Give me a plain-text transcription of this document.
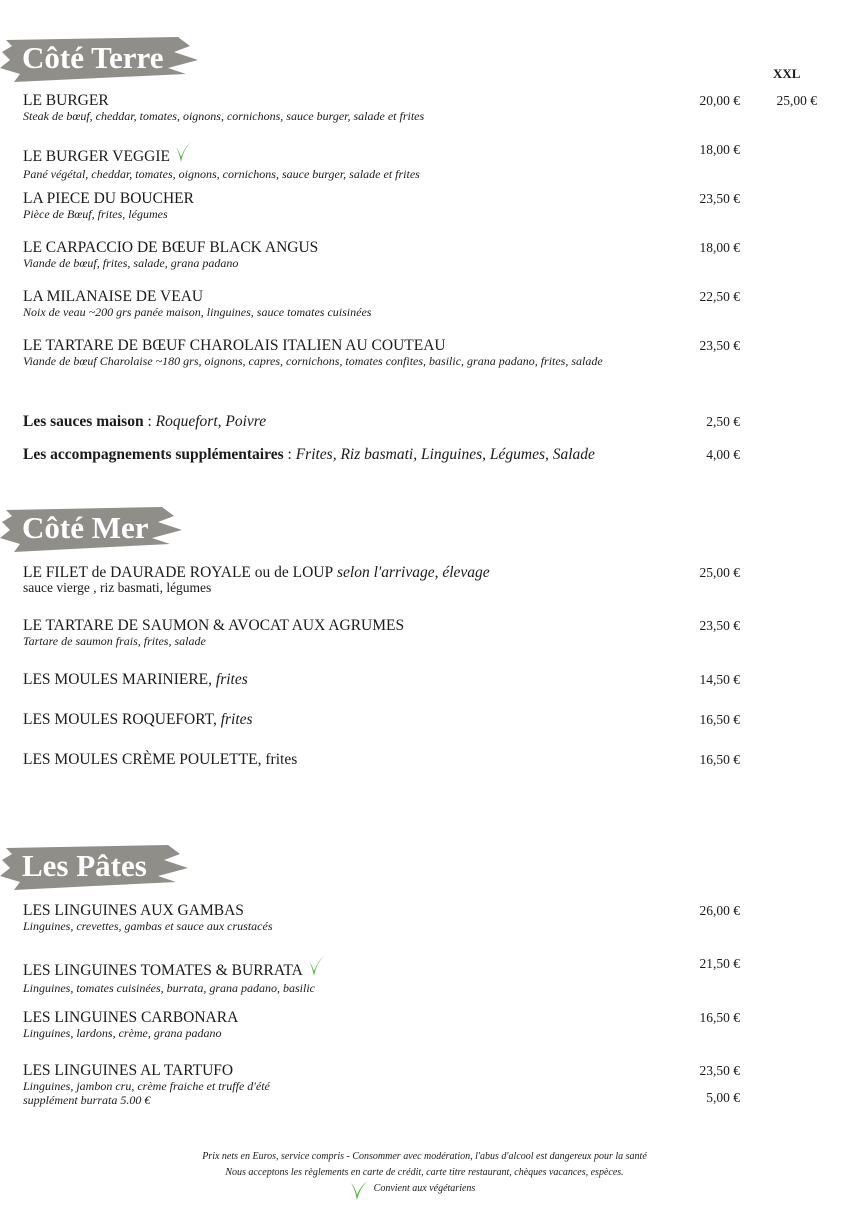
XXL
Côté Terre
LE BURGER
Steak de bœuf, cheddar, tomates, oignons, cornichons, sauce burger, salade et frites
20,00 €	25,00 €
LE BURGER VEGGIE
Pané végétal, cheddar, tomates, oignons, cornichons, sauce burger, salade et frites
18,00 €
LA PIECE DU BOUCHER
Pièce de Bœuf, frites, légumes
23,50 €
LE CARPACCIO DE BŒUF BLACK ANGUS
Viande de bœuf, frites, salade, grana padano
18,00 €
LA MILANAISE DE VEAU
Noix de veau ~200 grs panée maison, linguines, sauce tomates cuisinées
22,50 €
LE TARTARE DE BŒUF CHAROLAIS ITALIEN AU COUTEAU
Viande de bœuf Charolaise ~180 grs, oignons, capres, cornichons, tomates confites, basilic, grana padano, frites, salade
23,50 €
Les sauces maison : Roquefort, Poivre	2,50 €
Les accompagnements supplémentaires : Frites, Riz basmati, Linguines, Légumes, Salade	4,00 €
Côté Mer
LE FILET de DAURADE ROYALE ou de LOUP selon l'arrivage, élevage
sauce vierge , riz basmati, légumes
25,00 €
LE TARTARE DE SAUMON & AVOCAT AUX AGRUMES
Tartare de saumon frais, frites, salade
23,50 €
LES MOULES MARINIERE, frites	14,50 €
LES MOULES ROQUEFORT, frites	16,50 €
LES MOULES CRÈME POULETTE, frites	16,50 €
Les Pâtes
LES LINGUINES AUX GAMBAS
Linguines, crevettes, gambas et sauce aux crustacés
26,00 €
LES LINGUINES TOMATES & BURRATA
Linguines, tomates cuisinées, burrata, grana padano, basilic
21,50 €
LES LINGUINES CARBONARA
Linguines, lardons, crème, grana padano
16,50 €
LES LINGUINES AL TARTUFO
Linguines, jambon cru, crème fraiche et truffe d'été
supplément burrata 5.00 €
23,50 €
5,00 €
Prix nets en Euros, service compris - Consommer avec modération, l'abus d'alcool est dangereux pour la santé
Nous acceptons les règlements en carte de crédit, carte titre restaurant, chèques vacances, espèces.
Convient aux végétariens
